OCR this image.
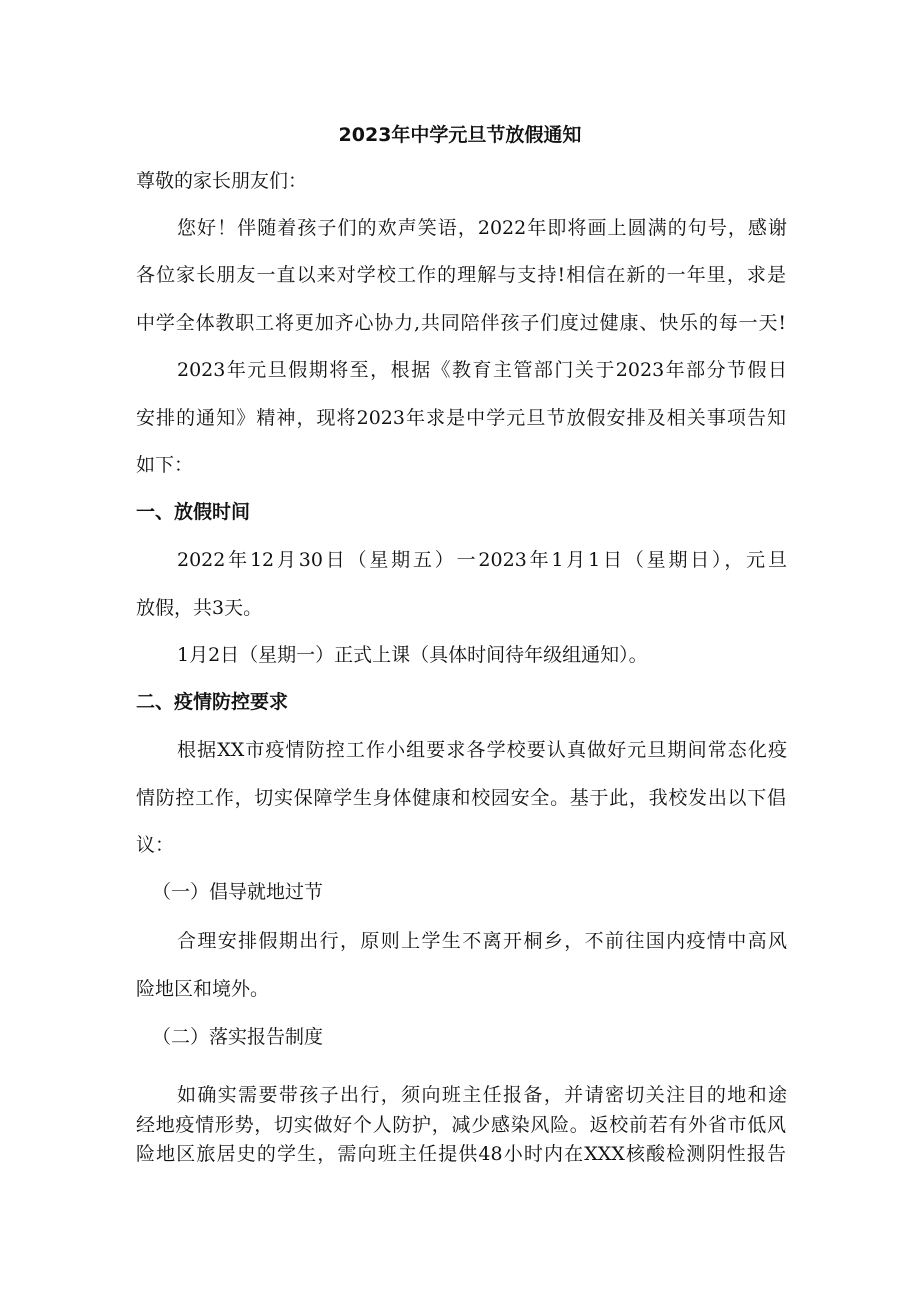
2023年中学元旦节放假通知
尊敬的家长朋友们：
您好！伴随着孩子们的欢声笑语，2022年即将画上圆满的句号，感谢
各位家长朋友一直以来对学校工作的理解与支持!相信在新的一年里，求是
中学全体教职工将更加齐心协力,共同陪伴孩子们度过健康、快乐的每一天!
2023年元旦假期将至，根据《教育主管部门关于2023年部分节假日
安排的通知》精神，现将2023年求是中学元旦节放假安排及相关事项告知
如下：
一、放假时间
2022年12月30日（星期五）一2023年1月1日（星期日），元旦
放假，共3天。
1月2日（星期一）正式上课（具体时间待年级组通知）。
二、疫情防控要求
根据XX市疫情防控工作小组要求各学校要认真做好元旦期间常态化疫
情防控工作，切实保障学生身体健康和校园安全。基于此，我校发出以下倡
议：
（一）倡导就地过节
合理安排假期出行，原则上学生不离开桐乡，不前往国内疫情中高风
险地区和境外。
（二）落实报告制度
如确实需要带孩子出行，须向班主任报备，并请密切关注目的地和途
经地疫情形势，切实做好个人防护，减少感染风险。返校前若有外省市低风
险地区旅居史的学生，需向班主任提供48小时内在XXX核酸检测阴性报告
